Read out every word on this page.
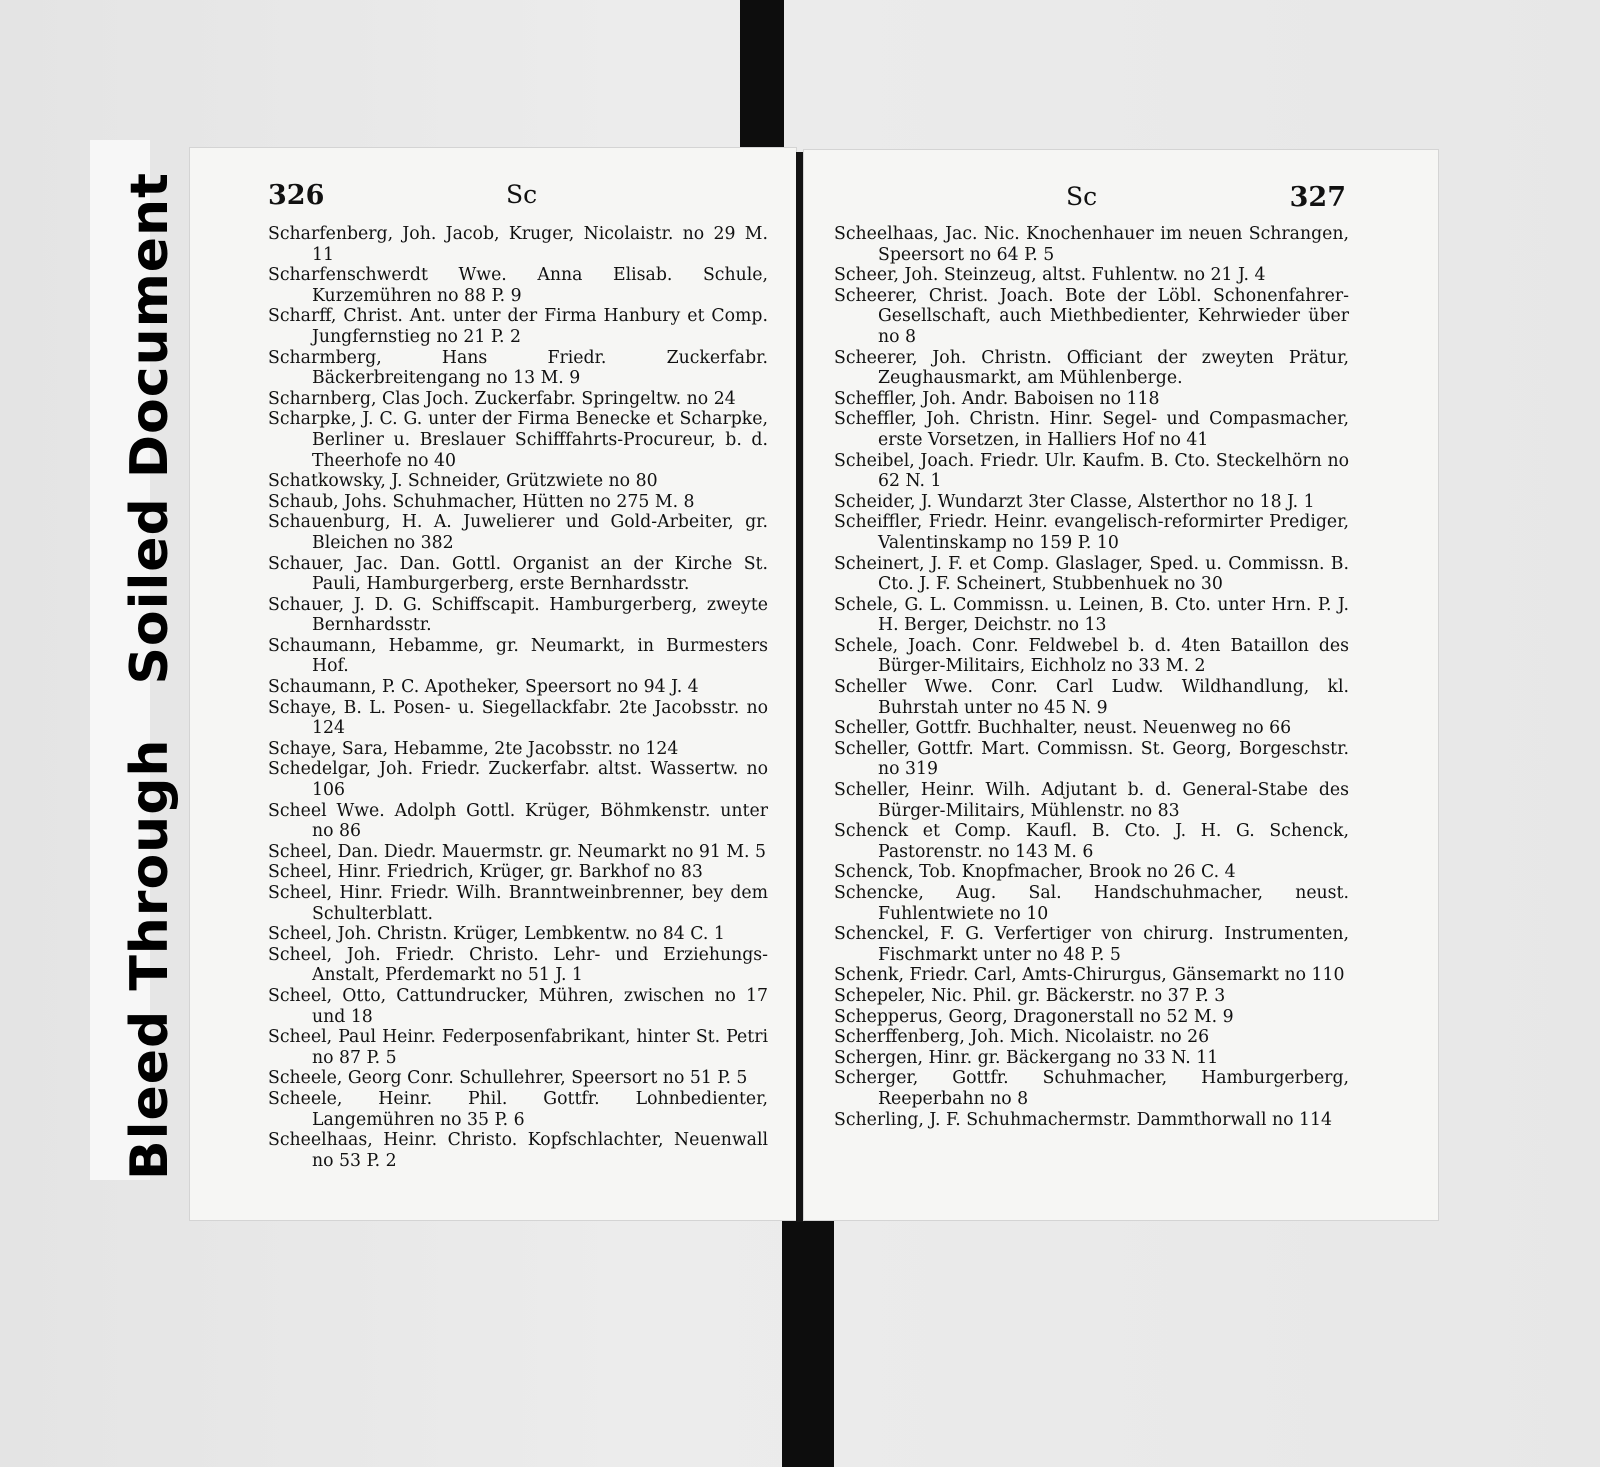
Bleed ThroughSoiled Document	326	Sc

Scharfenberg, Joh. Jacob, Kruger, Nicolaistr. no 29 M. 11

Scharfenschwerdt Wwe. Anna Elisab. Schule, Kurzemühren no 88 P. 9

Scharff, Christ. Ant. unter der Firma Hanbury et Comp. Jungfernstieg no 21 P. 2

Scharmberg, Hans Friedr. Zuckerfabr. Bäckerbreitengang no 13 M. 9

Scharnberg, Clas Joch. Zuckerfabr. Springeltw. no 24

Scharpke, J. C. G. unter der Firma Benecke et Scharpke, Berliner u. Breslauer Schifffahrts-Procureur, b. d. Theerhofe no 40

Schatkowsky, J. Schneider, Grützwiete no 80

Schaub, Johs. Schuhmacher, Hütten no 275 M. 8

Schauenburg, H. A. Juwelierer und Gold-Arbeiter, gr. Bleichen no 382

Schauer, Jac. Dan. Gottl. Organist an der Kirche St. Pauli, Hamburgerberg, erste Bernhardsstr.

Schauer, J. D. G. Schiffscapit. Hamburgerberg, zweyte Bernhardsstr.

Schaumann, Hebamme, gr. Neumarkt, in Burmesters Hof.

Schaumann, P. C. Apotheker, Speersort no 94 J. 4

Schaye, B. L. Posen- u. Siegellackfabr. 2te Jacobsstr. no 124

Schaye, Sara, Hebamme, 2te Jacobsstr. no 124

Schedelgar, Joh. Friedr. Zuckerfabr. altst. Wassertw. no 106

Scheel Wwe. Adolph Gottl. Krüger, Böhmkenstr. unter no 86

Scheel, Dan. Diedr. Mauermstr. gr. Neumarkt no 91 M. 5

Scheel, Hinr. Friedrich, Krüger, gr. Barkhof no 83

Scheel, Hinr. Friedr. Wilh. Branntweinbrenner, bey dem Schulterblatt.

Scheel, Joh. Christn. Krüger, Lembkentw. no 84 C. 1

Scheel, Joh. Friedr. Christo. Lehr- und Erziehungs-Anstalt, Pferdemarkt no 51 J. 1

Scheel, Otto, Cattundrucker, Mühren, zwischen no 17 und 18

Scheel, Paul Heinr. Federposenfabrikant, hinter St. Petri no 87 P. 5

Scheele, Georg Conr. Schullehrer, Speersort no 51 P. 5

Scheele, Heinr. Phil. Gottfr. Lohnbedienter, Langemühren no 35 P. 6

Scheelhaas, Heinr. Christo. Kopfschlachter, Neuenwall no 53 P. 2

Sc	327

Scheelhaas, Jac. Nic. Knochenhauer im neuen Schrangen, Speersort no 64 P. 5

Scheer, Joh. Steinzeug, altst. Fuhlentw. no 21 J. 4

Scheerer, Christ. Joach. Bote der Löbl. Schonenfahrer-Gesellschaft, auch Miethbedienter, Kehrwieder über no 8

Scheerer, Joh. Christn. Officiant der zweyten Prätur, Zeughausmarkt, am Mühlenberge.

Scheffler, Joh. Andr. Baboisen no 118

Scheffler, Joh. Christn. Hinr. Segel- und Compasmacher, erste Vorsetzen, in Halliers Hof no 41

Scheibel, Joach. Friedr. Ulr. Kaufm. B. Cto. Steckelhörn no 62 N. 1

Scheider, J. Wundarzt 3ter Classe, Alsterthor no 18 J. 1

Scheiffler, Friedr. Heinr. evangelisch-reformirter Prediger, Valentinskamp no 159 P. 10

Scheinert, J. F. et Comp. Glaslager, Sped. u. Commissn. B. Cto. J. F. Scheinert, Stubbenhuek no 30

Schele, G. L. Commissn. u. Leinen, B. Cto. unter Hrn. P. J. H. Berger, Deichstr. no 13

Schele, Joach. Conr. Feldwebel b. d. 4ten Bataillon des Bürger-Militairs, Eichholz no 33 M. 2

Scheller Wwe. Conr. Carl Ludw. Wildhandlung, kl. Buhrstah unter no 45 N. 9

Scheller, Gottfr. Buchhalter, neust. Neuenweg no 66

Scheller, Gottfr. Mart. Commissn. St. Georg, Borgeschstr. no 319

Scheller, Heinr. Wilh. Adjutant b. d. General-Stabe des Bürger-Militairs, Mühlenstr. no 83

Schenck et Comp. Kaufl. B. Cto. J. H. G. Schenck, Pastorenstr. no 143 M. 6

Schenck, Tob. Knopfmacher, Brook no 26 C. 4

Schencke, Aug. Sal. Handschuhmacher, neust. Fuhlentwiete no 10

Schenckel, F. G. Verfertiger von chirurg. Instrumenten, Fischmarkt unter no 48 P. 5

Schenk, Friedr. Carl, Amts-Chirurgus, Gänsemarkt no 110

Schepeler, Nic. Phil. gr. Bäckerstr. no 37 P. 3

Schepperus, Georg, Dragonerstall no 52 M. 9

Scherffenberg, Joh. Mich. Nicolaistr. no 26

Schergen, Hinr. gr. Bäckergang no 33 N. 11

Scherger, Gottfr. Schuhmacher, Hamburgerberg, Reeperbahn no 8

Scherling, J. F. Schuhmachermstr. Dammthorwall no 114
